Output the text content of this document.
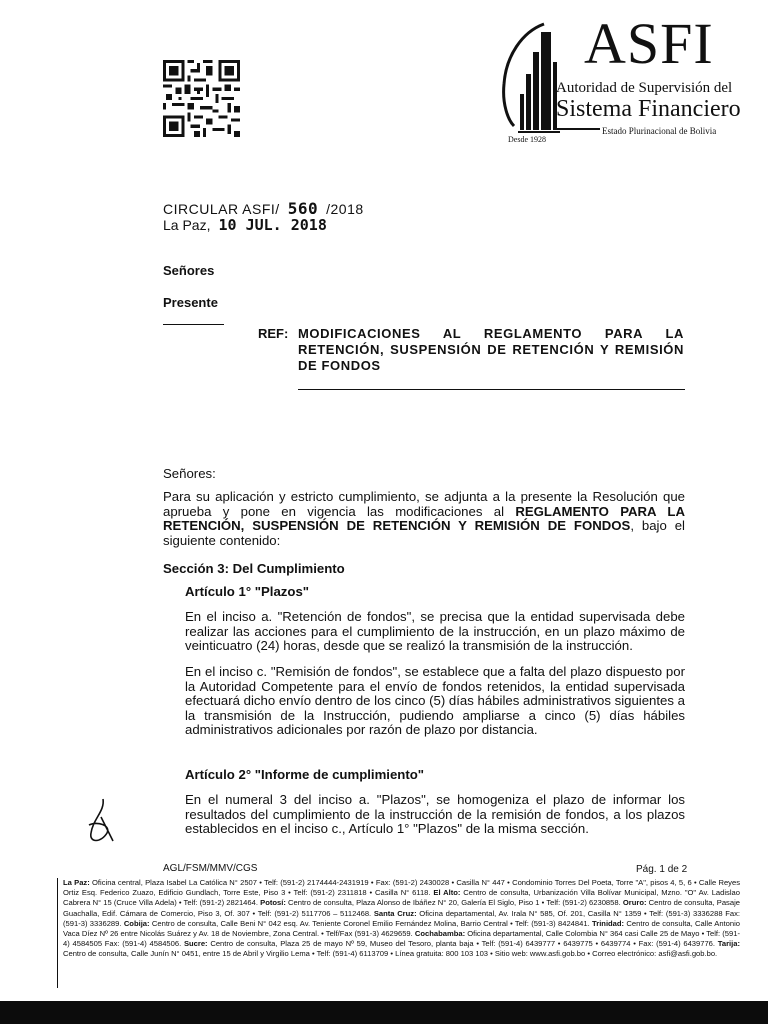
ASFI
Autoridad de Supervisión del
Sistema Financiero
Estado Plurinacional de Bolivia
Desde 1928
CIRCULAR ASFI/ 560 /2018
La Paz, 10 JUL. 2018
Señores
Presente
REF: MODIFICACIONES AL REGLAMENTO PARA LA RETENCIÓN, SUSPENSIÓN DE RETENCIÓN Y REMISIÓN DE FONDOS
Señores:
Para su aplicación y estricto cumplimiento, se adjunta a la presente la Resolución que aprueba y pone en vigencia las modificaciones al REGLAMENTO PARA LA RETENCIÓN, SUSPENSIÓN DE RETENCIÓN Y REMISIÓN DE FONDOS, bajo el siguiente contenido:
Sección 3: Del Cumplimiento
Artículo 1° "Plazos"
En el inciso a. "Retención de fondos", se precisa que la entidad supervisada debe realizar las acciones para el cumplimiento de la instrucción, en un plazo máximo de veinticuatro (24) horas, desde que se realizó la transmisión de la instrucción.
En el inciso c. "Remisión de fondos", se establece que a falta del plazo dispuesto por la Autoridad Competente para el envío de fondos retenidos, la entidad supervisada efectuará dicho envío dentro de los cinco (5) días hábiles administrativos siguientes a la transmisión de la Instrucción, pudiendo ampliarse a cinco (5) días hábiles administrativos adicionales por razón de plazo por distancia.
Artículo 2° "Informe de cumplimiento"
En el numeral 3 del inciso a. "Plazos", se homogeniza el plazo de informar los resultados del cumplimiento de la instrucción de la remisión de fondos, a los plazos establecidos en el inciso c., Artículo 1° "Plazos" de la misma sección.
AGL/FSM/MMV/CGS	Pág. 1 de 2
La Paz: Oficina central, Plaza Isabel La Católica N° 2507 • Telf: (591-2) 2174444-2431919 • Fax: (591-2) 2430028 • Casilla N° 447 • Condominio Torres Del Poeta, Torre "A", pisos 4, 5, 6 • Calle Reyes Ortiz Esq. Federico Zuazo, Edificio Gundlach, Torre Este, Piso 3 • Telf: (591-2) 2311818 • Casilla N° 6118. El Alto: Centro de consulta, Urbanización Villa Bolívar Municipal, Mzno. "O" Av. Ladislao Cabrera N° 15 (Cruce Villa Adela) • Telf: (591-2) 2821464. Potosí: Centro de consulta, Plaza Alonso de Ibáñez N° 20, Galería El Siglo, Piso 1 • Telf: (591-2) 6230858. Oruro: Centro de consulta, Pasaje Guachalla, Edif. Cámara de Comercio, Piso 3, Of. 307 • Telf: (591-2) 5117706 – 5112468. Santa Cruz: Oficina departamental, Av. Irala N° 585, Of. 201, Casilla N° 1359 • Telf: (591-3) 3336288 Fax: (591-3) 3336289. Cobija: Centro de consulta, Calle Beni N° 042 esq. Av. Teniente Coronel Emilio Fernández Molina, Barrio Central • Telf: (591-3) 8424841. Trinidad: Centro de consulta, Calle Antonio Vaca Díez Nº 26 entre Nicolás Suárez y Av. 18 de Noviembre, Zona Central. • Telf/Fax (591-3) 4629659. Cochabamba: Oficina departamental, Calle Colombia N° 364 casi Calle 25 de Mayo • Telf: (591-4) 4584505 Fax: (591-4) 4584506. Sucre: Centro de consulta, Plaza 25 de mayo Nº 59, Museo del Tesoro, planta baja • Telf: (591-4) 6439777 • 6439775 • 6439774 • Fax: (591-4) 6439776. Tarija: Centro de consulta, Calle Junín N° 0451, entre 15 de Abril y Virgilio Lema • Telf: (591-4) 6113709 • Línea gratuita: 800 103 103 • Sitio web: www.asfi.gob.bo • Correo electrónico: asfi@asfi.gob.bo.
